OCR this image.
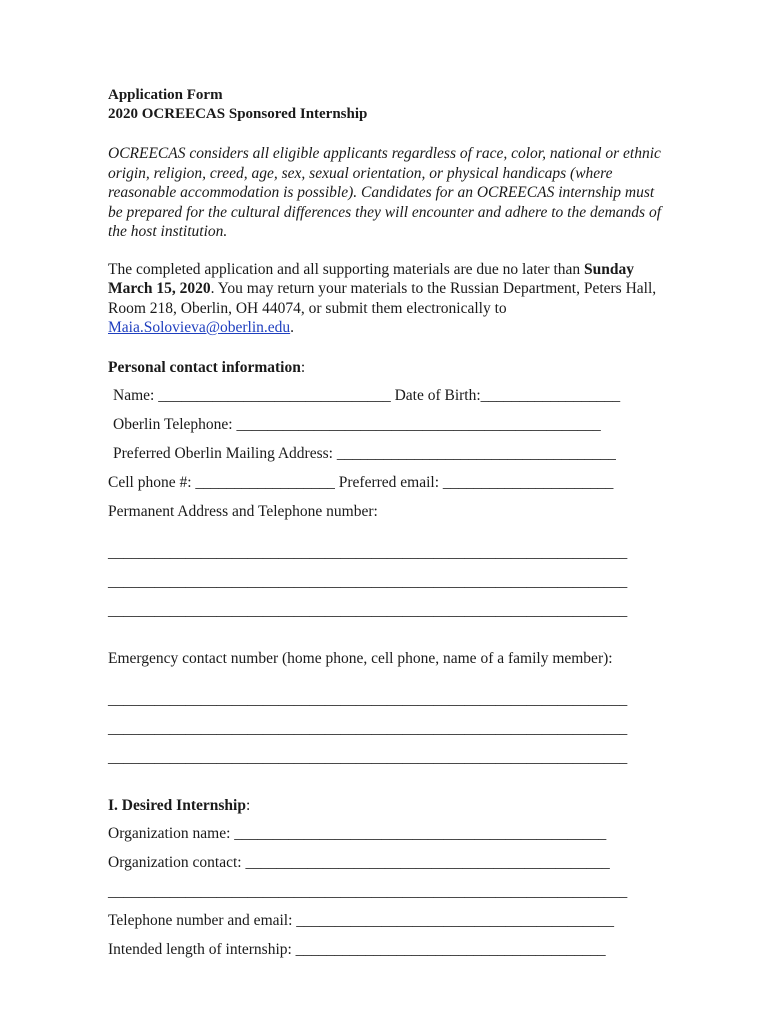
Application Form

2020 OCREECAS Sponsored Internship

OCREECAS considers all eligible applicants regardless of race, color, national or ethnic origin, religion, creed, age, sex, sexual orientation, or physical handicaps (where reasonable accommodation is possible). Candidates for an OCREECAS internship must be prepared for the cultural differences they will encounter and adhere to the demands of the host institution.

The completed application and all supporting materials are due no later than Sunday March 15, 2020. You may return your materials to the Russian Department, Peters Hall, Room 218, Oberlin, OH 44074, or submit them electronically to Maia.Solovieva@oberlin.edu.

Personal contact information:

Name: ______________________________ Date of Birth:__________________
Oberlin Telephone: _______________________________________________
Preferred Oberlin Mailing Address: ____________________________________
Cell phone #: __________________ Preferred email: ______________________
Permanent Address and Telephone number:
___________________________________________________________________
___________________________________________________________________
___________________________________________________________________
Emergency contact number (home phone, cell phone, name of a family member):
___________________________________________________________________
___________________________________________________________________
___________________________________________________________________

I. Desired Internship:

Organization name: ________________________________________________
Organization contact: _______________________________________________
___________________________________________________________________
Telephone number and email: _________________________________________
Intended length of internship: ________________________________________
